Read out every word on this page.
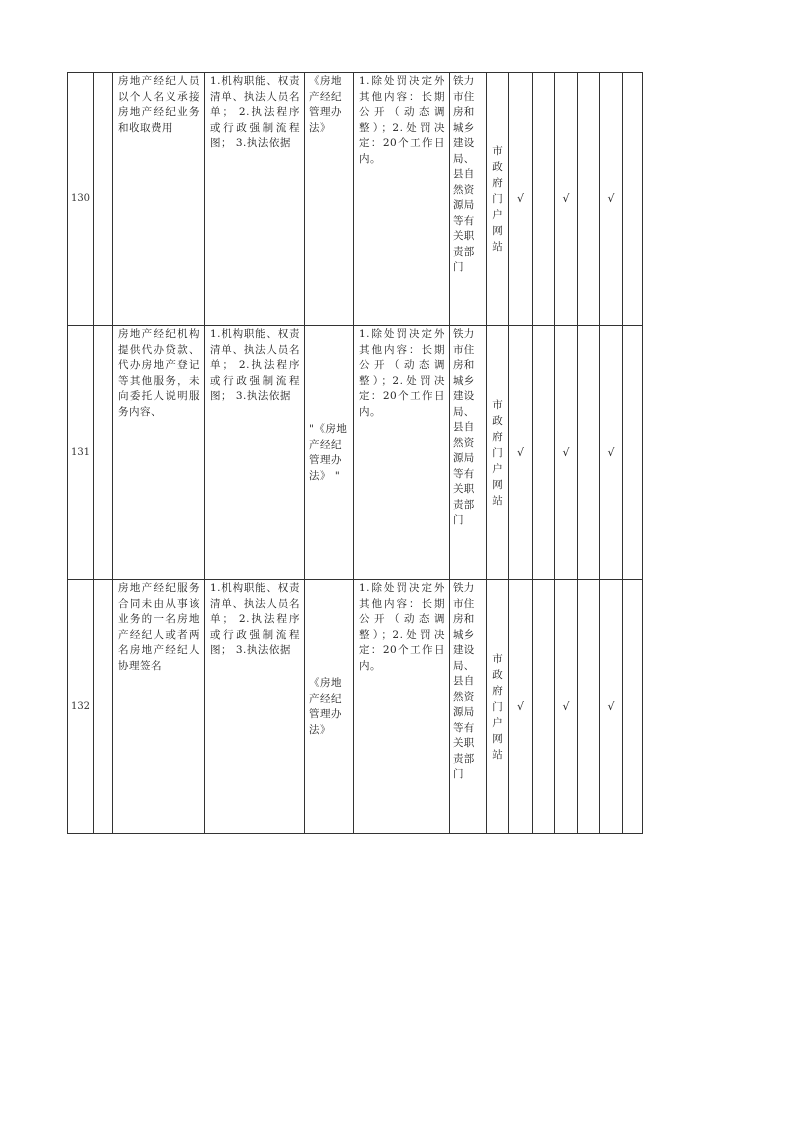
130		房地产经纪人员以个人名义承接房地产经纪业务和收取费用	1.机构职能、权责清单、执法人员名单； 2.执法程序或行政强制流程 图； 3.执法依据	《房地产经纪管理办法》	1.除处罚决定外其他内容：长期公开（动态调整）；2.处罚决定：20个工作日内。	铁力市住房和城乡建设局、县自然资源局等有关职责部门	市政府门户网站	√		√		√	
131		房地产经纪机构提供代办贷款、代办房地产登记等其他服务，未向委托人说明服务内容、	1.机构职能、权责清单、执法人员名单； 2.执法程序或行政强制流程 图； 3.执法依据	"《房地产经纪管理办法》 "	1.除处罚决定外其他内容：长期公开（动态调整）；2.处罚决定：20个工作日内。	铁力市住房和城乡建设局、县自然资源局等有关职责部门	市政府门户网站	√		√		√	
132		房地产经纪服务合同未由从事该业务的一名房地产经纪人或者两名房地产经纪人协理签名	1.机构职能、权责清单、执法人员名单； 2.执法程序或行政强制流程 图； 3.执法依据	《房地产经纪管理办法》	1.除处罚决定外其他内容：长期公开（动态调整）；2.处罚决定：20个工作日内。	铁力市住房和城乡建设局、县自然资源局等有关职责部门	市政府门户网站	√		√		√	
